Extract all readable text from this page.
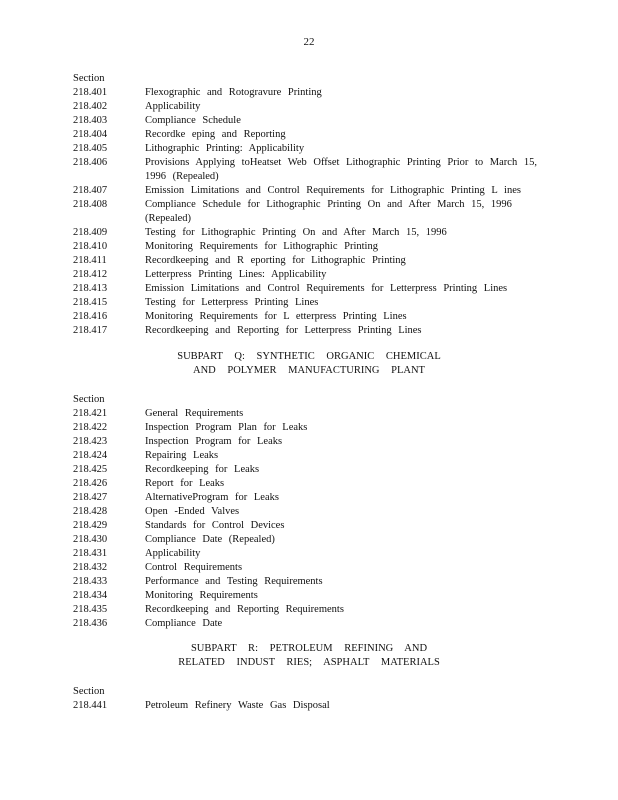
22
Section
218.401	Flexographic and Rotogravure Printing
218.402	Applicability
218.403	Compliance Schedule
218.404	Recordke eping and Reporting
218.405	Lithographic Printing: Applicability
218.406	Provisions Applying toHeatset Web Offset Lithographic Printing Prior to March 15, 1996 (Repealed)
218.407	Emission Limitations and Control Requirements for Lithographic Printing L ines
218.408	Compliance Schedule for Lithographic Printing On and After March 15, 1996 (Repealed)
218.409	Testing for Lithographic Printing On and After March 15, 1996
218.410	Monitoring Requirements for Lithographic Printing
218.411	Recordkeeping and R eporting for Lithographic Printing
218.412	Letterpress Printing Lines: Applicability
218.413	Emission Limitations and Control Requirements for Letterpress Printing Lines
218.415	Testing for Letterpress Printing Lines
218.416	Monitoring Requirements for L etterpress Printing Lines
218.417	Recordkeeping and Reporting for Letterpress Printing Lines
SUBPART Q: SYNTHETIC ORGANIC CHEMICAL
AND POLYMER MANUFACTURING PLANT
Section
218.421	General Requirements
218.422	Inspection Program Plan for Leaks
218.423	Inspection Program for Leaks
218.424	Repairing Leaks
218.425	Recordkeeping for Leaks
218.426	Report for Leaks
218.427	AlternativeProgram for Leaks
218.428	Open -Ended Valves
218.429	Standards for Control Devices
218.430	Compliance Date (Repealed)
218.431	Applicability
218.432	Control Requirements
218.433	Performance and Testing Requirements
218.434	Monitoring Requirements
218.435	Recordkeeping and Reporting Requirements
218.436	Compliance Date
SUBPART R: PETROLEUM REFINING AND
RELATED INDUST RIES; ASPHALT MATERIALS
Section
218.441	Petroleum Refinery Waste Gas Disposal
